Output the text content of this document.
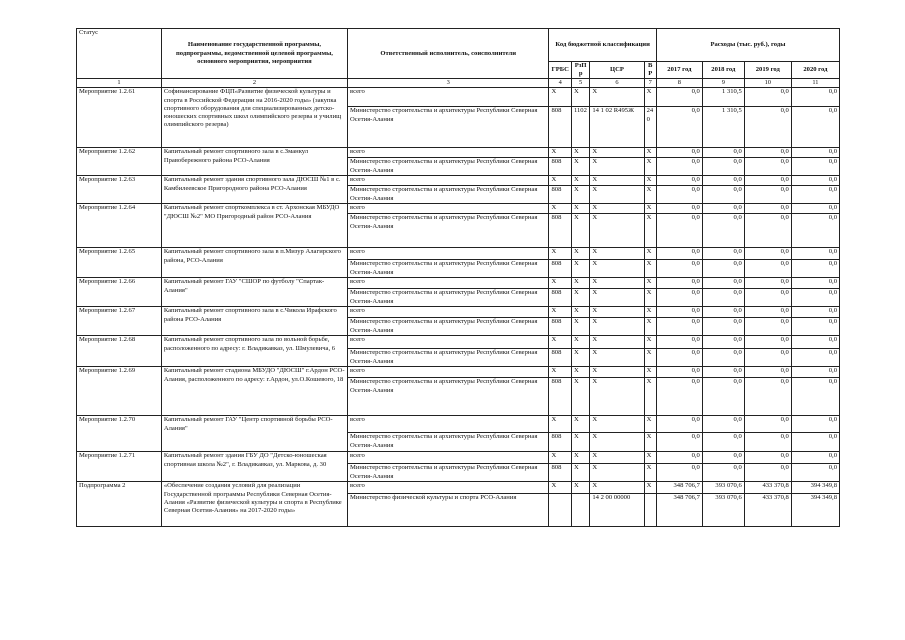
Статус	Наименование государственной программы, подпрограммы, ведомственной целевой программы, основного мероприятия, мероприятия	Ответственный исполнитель, соисполнители	Код бюджетной классификации				Расходы (тыс. руб.), годы			
			ГРБС	РзПр	ЦСР	ВР	2017 год	2018 год	2019 год	2020 год
1	2	3	4	5	6	7	8	9	10	11
Мероприятие 1.2.61	Софинансирование ФЦП«Развитие физической культуры и спорта в Российской Федерации на 2016-2020 годы» (закупка спортивного оборудования для специализированных детско-юношеских спортивных школ олимпийского резерва и училищ олимпийского резерва)	всего	X	X	X	X	0,0	1 310,5	0,0	0,0
		Министерство строительства и архитектуры Республики Северная Осетия-Алания	808	1102	14 1 02 R495Ж	240	0,0	1 310,5	0,0	0,0
Мероприятие 1.2.62	Капитальный ремонт спортивного зала в с.Зманкул Правобережного района РСО-Алания	всего	X	X	X	X	0,0	0,0	0,0	0,0
		Министерство строительства и архитектуры Республики Северная Осетия-Алания	808	X	X	X	0,0	0,0	0,0	0,0
Мероприятие 1.2.63	Капитальный ремонт здания спортивного зала ДЮСШ №1 в с. Камбилеевское Пригородного района РСО-Алания	всего	X	X	X	X	0,0	0,0	0,0	0,0
		Министерство строительства и архитектуры Республики Северная Осетия-Алания	808	X	X	X	0,0	0,0	0,0	0,0
Мероприятие 1.2.64	Капитальный ремонт спорткомплекса в ст. Архонская МБУДО "ДЮСШ №2" МО Пригородный район РСО-Алания	всего	X	X	X	X	0,0	0,0	0,0	0,0
		Министерство строительства и архитектуры Республики Северная Осетия-Алания	808	X	X	X	0,0	0,0	0,0	0,0
Мероприятие 1.2.65	Капитальный ремонт спортивного зала в п.Мизур Алагирского района, РСО-Алания	всего	X	X	X	X	0,0	0,0	0,0	0,0
		Министерство строительства и архитектуры Республики Северная Осетия-Алания	808	X	X	X	0,0	0,0	0,0	0,0
Мероприятие 1.2.66	Капитальный ремонт ГАУ "СШОР по футболу "Спартак-Алания"	всего	X	X	X	X	0,0	0,0	0,0	0,0
		Министерство строительства и архитектуры Республики Северная Осетия-Алания	808	X	X	X	0,0	0,0	0,0	0,0
Мероприятие 1.2.67	Капитальный ремонт спортивного зала в с.Чикола Ирафского района РСО-Алания	всего	X	X	X	X	0,0	0,0	0,0	0,0
		Министерство строительства и архитектуры Республики Северная Осетия-Алания	808	X	X	X	0,0	0,0	0,0	0,0
Мероприятие 1.2.68	Капитальный ремонт спортивного зала по вольной борьбе, расположенного по адресу: г. Владикавказ, ул. Шмулевича, 6	всего	X	X	X	X	0,0	0,0	0,0	0,0
		Министерство строительства и архитектуры Республики Северная Осетия-Алания	808	X	X	X	0,0	0,0	0,0	0,0
Мероприятие 1.2.69	Капитальный ремонт стадиона МБУДО "ДЮСШ" г.Ардон РСО-Алания, расположенного по адресу: г.Ардон, ул.О.Кошевого, 18	всего	X	X	X	X	0,0	0,0	0,0	0,0
		Министерство строительства и архитектуры Республики Северная Осетия-Алания	808	X	X	X	0,0	0,0	0,0	0,0
Мероприятие 1.2.70	Капитальный ремонт ГАУ "Центр спортивной борьбы РСО-Алания"	всего	X	X	X	X	0,0	0,0	0,0	0,0
		Министерство строительства и архитектуры Республики Северная Осетия-Алания	808	X	X	X	0,0	0,0	0,0	0,0
Мероприятие 1.2.71	Капитальный ремонт здания ГБУ ДО "Детско-юношеская спортивная школа №2", г. Владикавказ, ул. Маркова, д. 30	всего	X	X	X	X	0,0	0,0	0,0	0,0
		Министерство строительства и архитектуры Республики Северная Осетия-Алания	808	X	X	X	0,0	0,0	0,0	0,0
Подпрограмма 2	«Обеспечение создания условий для реализации Государственной программы Республики Северная Осетия-Алания «Развитие физической культуры и спорта в Республике Северная Осетия-Алания» на 2017-2020 годы»	всего	X	X	X	X	348 706,7	393 070,6	433 370,8	394 349,8
		Министерство физической культуры и спорта РСО-Алания			14 2 00 00000		348 706,7	393 070,6	433 370,8	394 349,8
